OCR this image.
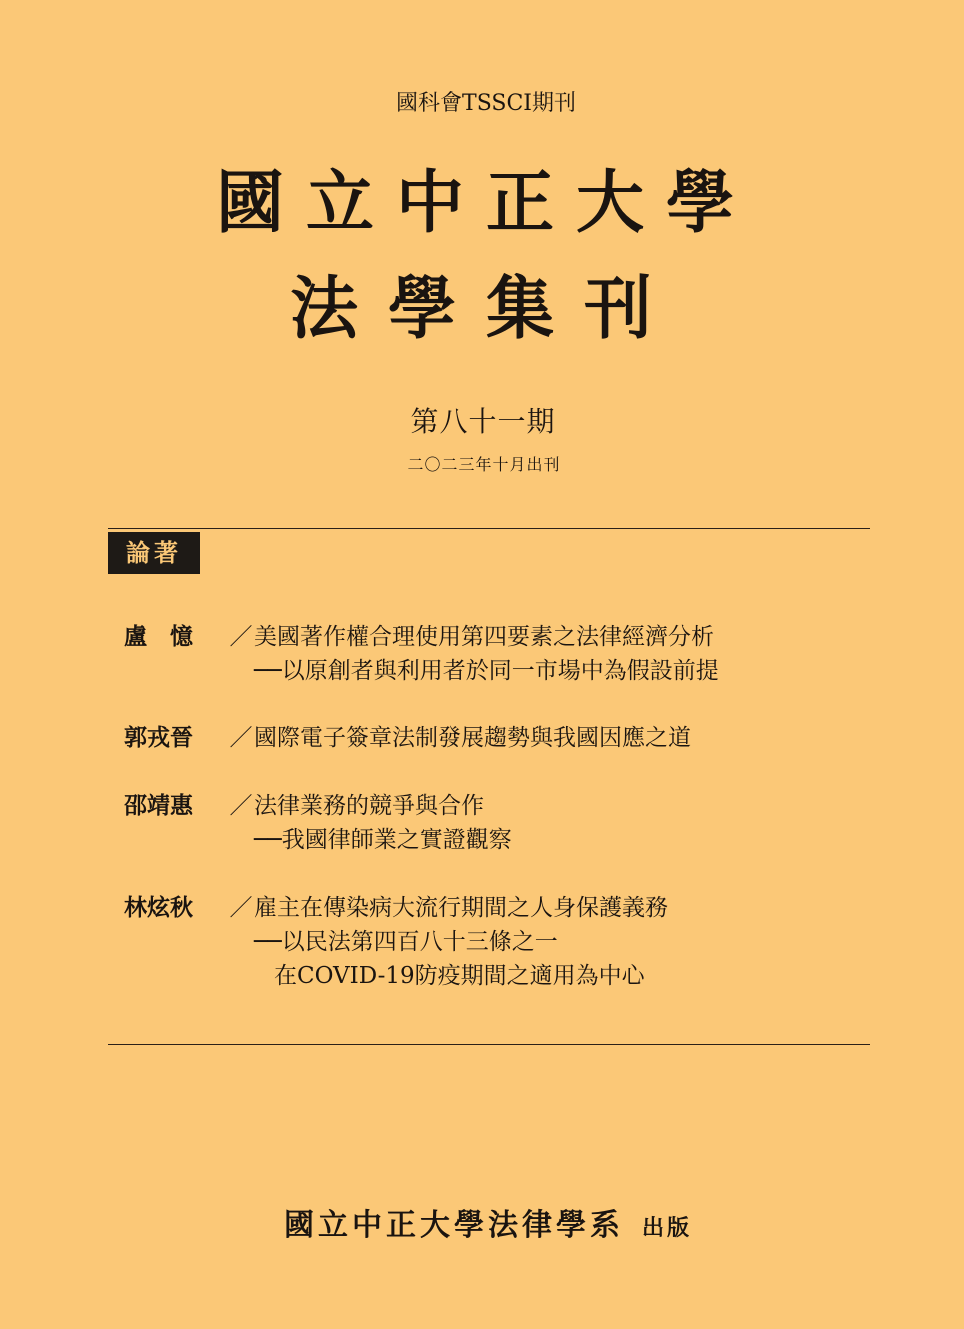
國科會TSSCI期刊
國立中正大學
法學集刊
第八十一期
二〇二三年十月出刊
論著
盧　憶 ／美國著作權合理使用第四要素之法律經濟分析
──以原創者與利用者於同一市場中為假設前提
郭戎晉 ／國際電子簽章法制發展趨勢與我國因應之道
邵靖惠 ／法律業務的競爭與合作
──我國律師業之實證觀察
林炫秋 ／雇主在傳染病大流行期間之人身保護義務
──以民法第四百八十三條之一
在COVID-19防疫期間之適用為中心
國立中正大學法律學系 出版
